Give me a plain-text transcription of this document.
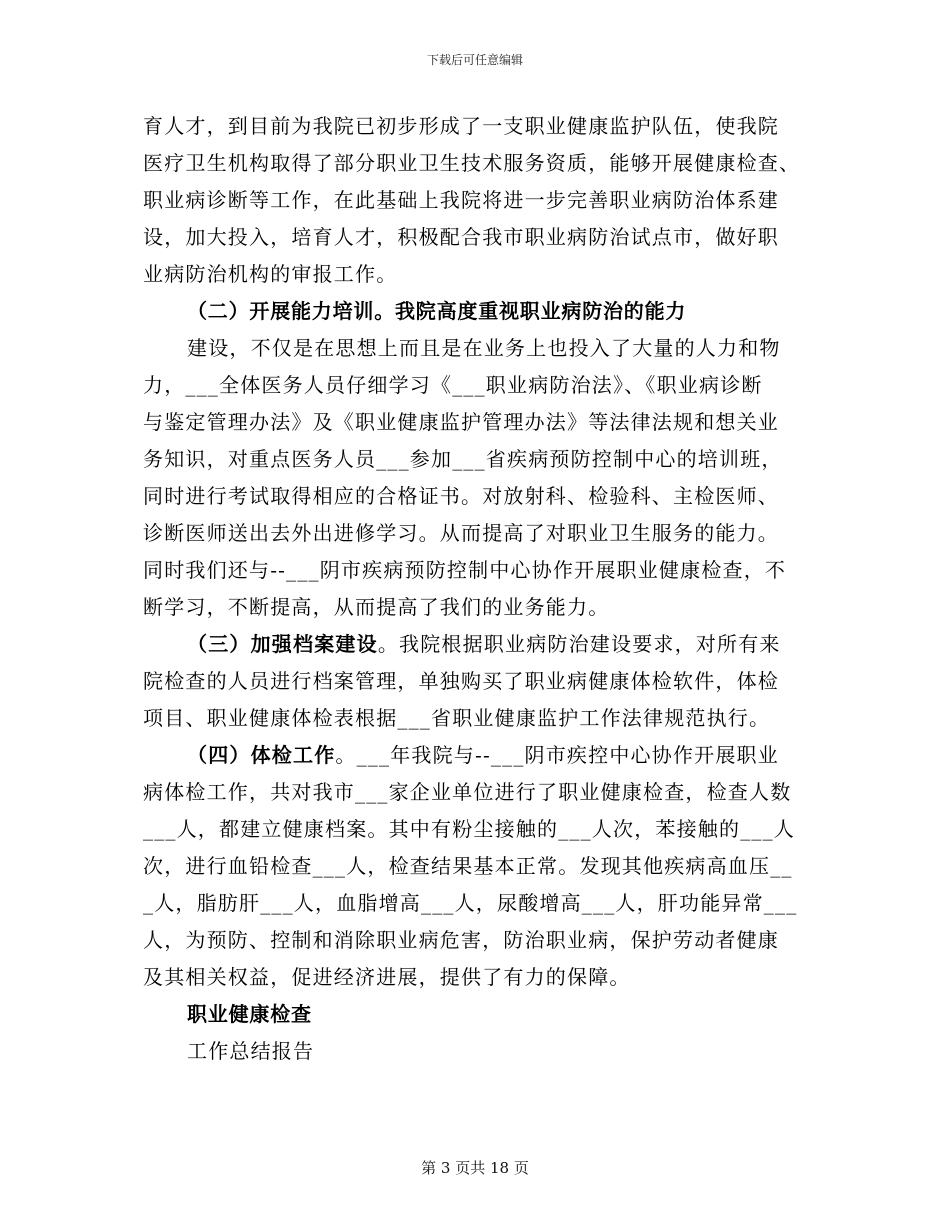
下载后可任意编辑
育人才，到目前为我院已初步形成了一支职业健康监护队伍，使我院
医疗卫生机构取得了部分职业卫生技术服务资质，能够开展健康检查、
职业病诊断等工作，在此基础上我院将进一步完善职业病防治体系建
设，加大投入，培育人才，积极配合我市职业病防治试点市，做好职
业病防治机构的审报工作。
（二）开展能力培训。我院高度重视职业病防治的能力
建设，不仅是在思想上而且是在业务上也投入了大量的人力和物
力，___全体医务人员仔细学习《___职业病防治法》、《职业病诊断
与鉴定管理办法》及《职业健康监护管理办法》等法律法规和想关业
务知识，对重点医务人员___参加___省疾病预防控制中心的培训班，
同时进行考试取得相应的合格证书。对放射科、检验科、主检医师、
诊断医师送出去外出进修学习。从而提高了对职业卫生服务的能力。
同时我们还与--___阴市疾病预防控制中心协作开展职业健康检查，不
断学习，不断提高，从而提高了我们的业务能力。
（三）加强档案建设。我院根据职业病防治建设要求，对所有来
院检查的人员进行档案管理，单独购买了职业病健康体检软件，体检
项目、职业健康体检表根据___省职业健康监护工作法律规范执行。
（四）体检工作。___年我院与--___阴市疾控中心协作开展职业
病体检工作，共对我市___家企业单位进行了职业健康检查，检查人数
___人，都建立健康档案。其中有粉尘接触的___人次，苯接触的___人
次，进行血铅检查___人，检查结果基本正常。发现其他疾病高血压__
_人，脂肪肝___人，血脂增高___人，尿酸增高___人，肝功能异常___
人，为预防、控制和消除职业病危害，防治职业病，保护劳动者健康
及其相关权益，促进经济进展，提供了有力的保障。
职业健康检查
工作总结报告
第 3 页共 18 页
